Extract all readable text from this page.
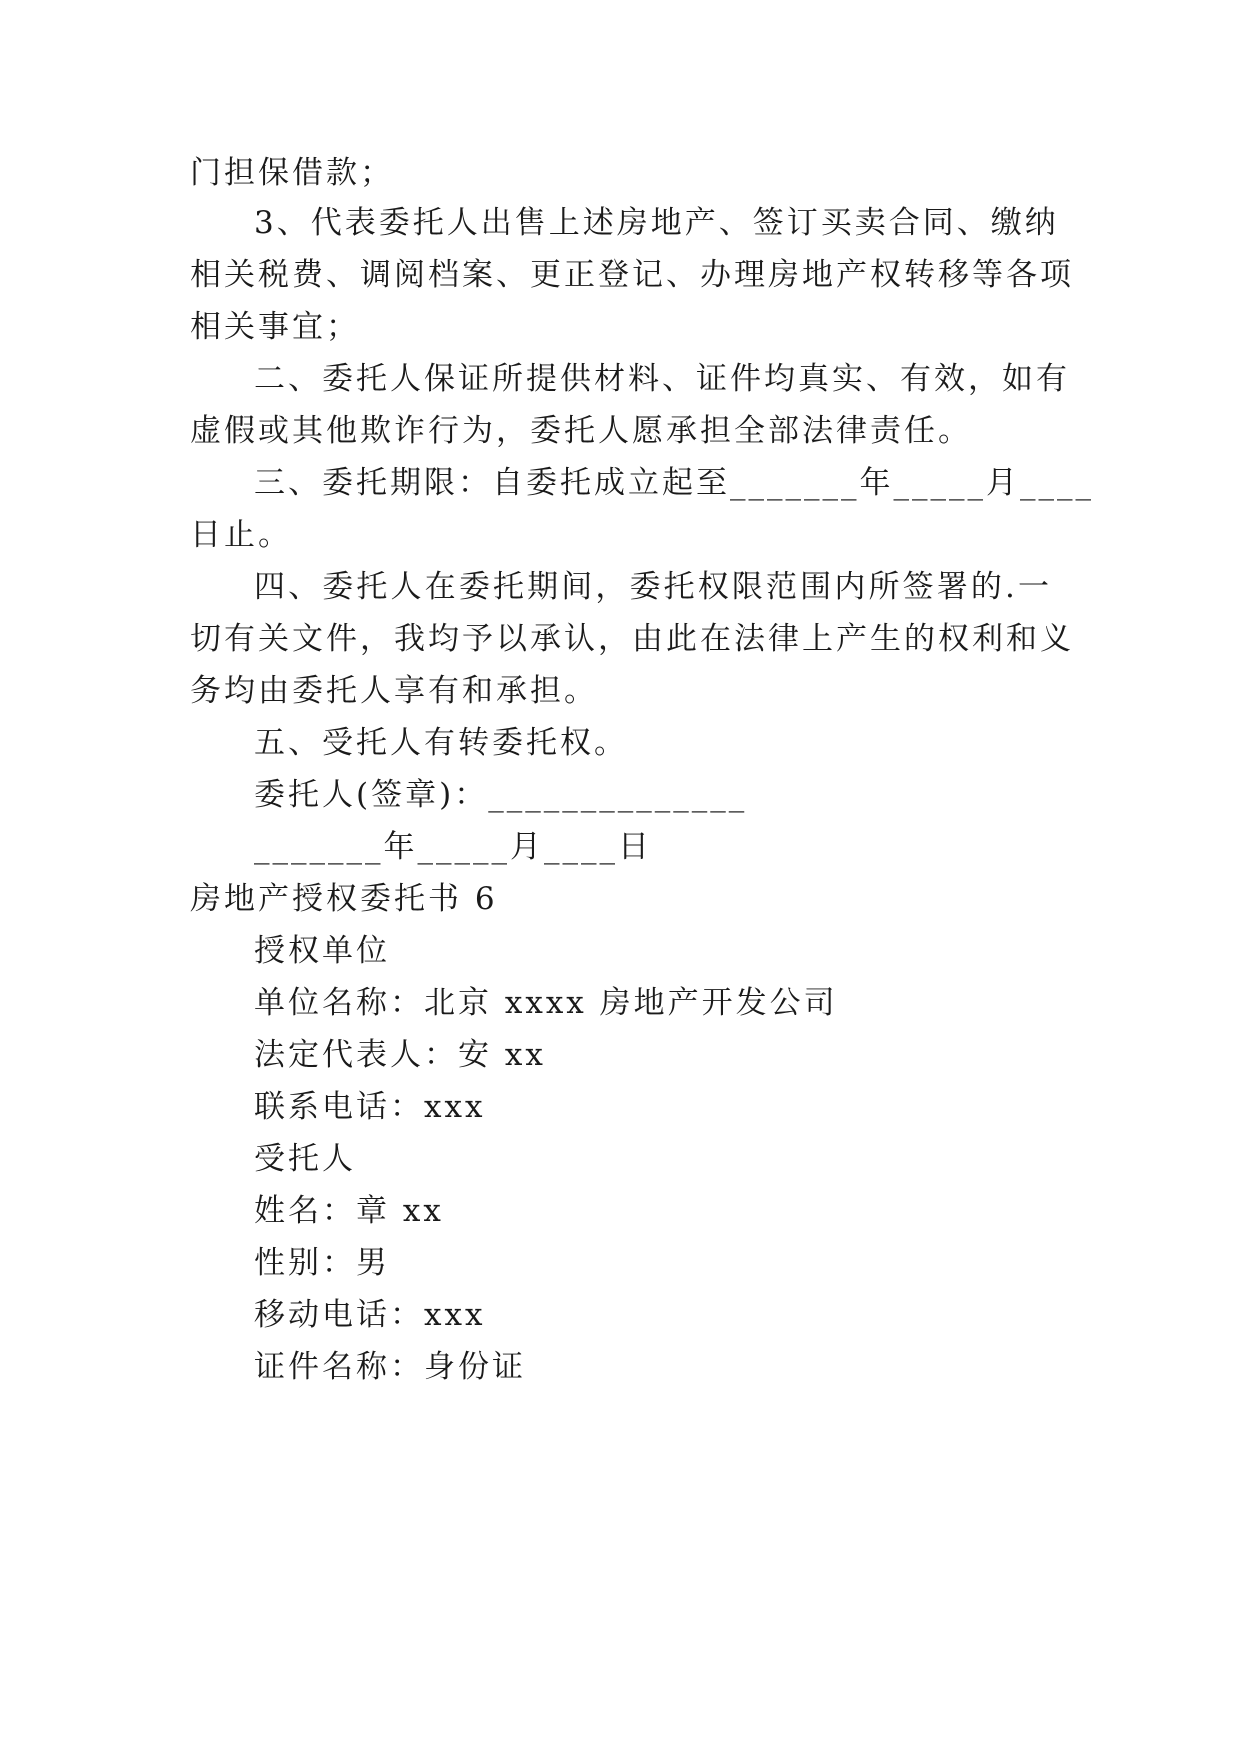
门担保借款；
3、代表委托人出售上述房地产、签订买卖合同、缴纳
相关税费、调阅档案、更正登记、办理房地产权转移等各项
相关事宜；
二、委托人保证所提供材料、证件均真实、有效，如有
虚假或其他欺诈行为，委托人愿承担全部法律责任。
三、委托期限：自委托成立起至_______年_____月____
日止。
四、委托人在委托期间，委托权限范围内所签署的.一
切有关文件，我均予以承认，由此在法律上产生的权利和义
务均由委托人享有和承担。
五、受托人有转委托权。
委托人(签章)：______________
_______年_____月____日
房地产授权委托书 6
授权单位
单位名称：北京 xxxx 房地产开发公司
法定代表人：安 xx
联系电话：xxx
受托人
姓名：章 xx
性别：男
移动电话：xxx
证件名称：身份证
